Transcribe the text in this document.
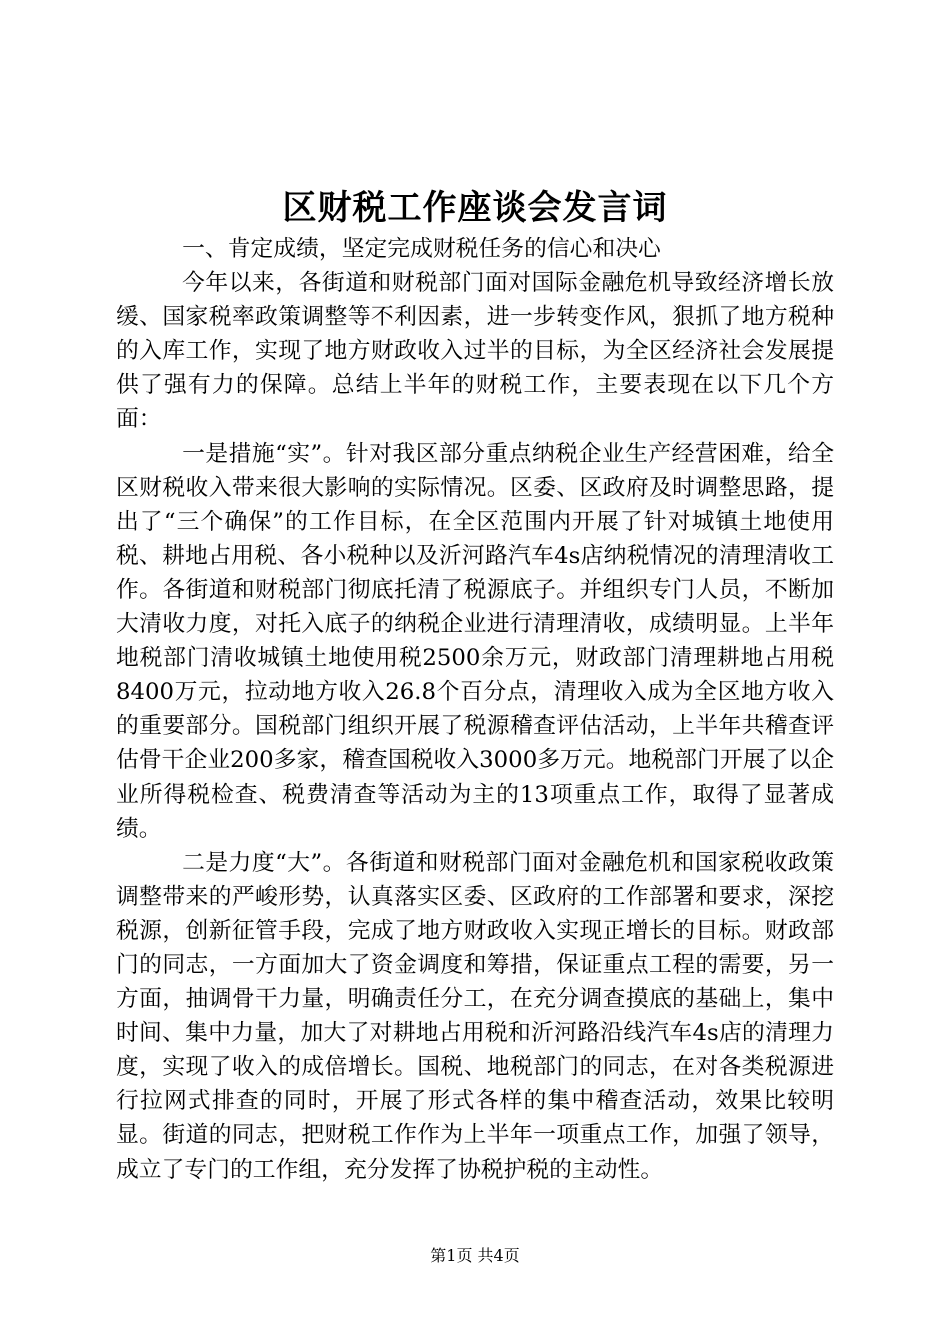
区财税工作座谈会发言词

一、肯定成绩，坚定完成财税任务的信心和决心

今年以来，各街道和财税部门面对国际金融危机导致经济增长放缓、国家税率政策调整等不利因素，进一步转变作风，狠抓了地方税种的入库工作，实现了地方财政收入过半的目标，为全区经济社会发展提供了强有力的保障。总结上半年的财税工作，主要表现在以下几个方面：

一是措施“实”。针对我区部分重点纳税企业生产经营困难，给全区财税收入带来很大影响的实际情况。区委、区政府及时调整思路，提出了“三个确保”的工作目标，在全区范围内开展了针对城镇土地使用税、耕地占用税、各小税种以及沂河路汽车4s店纳税情况的清理清收工作。各街道和财税部门彻底托清了税源底子。并组织专门人员，不断加大清收力度，对托入底子的纳税企业进行清理清收，成绩明显。上半年地税部门清收城镇土地使用税2500余万元，财政部门清理耕地占用税8400万元，拉动地方收入26.8个百分点，清理收入成为全区地方收入的重要部分。国税部门组织开展了税源稽查评估活动，上半年共稽查评估骨干企业200多家，稽查国税收入3000多万元。地税部门开展了以企业所得税检查、税费清查等活动为主的13项重点工作，取得了显著成绩。

二是力度“大”。各街道和财税部门面对金融危机和国家税收政策调整带来的严峻形势，认真落实区委、区政府的工作部署和要求，深挖税源，创新征管手段，完成了地方财政收入实现正增长的目标。财政部门的同志，一方面加大了资金调度和筹措，保证重点工程的需要，另一方面，抽调骨干力量，明确责任分工，在充分调查摸底的基础上，集中时间、集中力量，加大了对耕地占用税和沂河路沿线汽车4s店的清理力度，实现了收入的成倍增长。国税、地税部门的同志，在对各类税源进行拉网式排查的同时，开展了形式各样的集中稽查活动，效果比较明显。街道的同志，把财税工作作为上半年一项重点工作，加强了领导，成立了专门的工作组，充分发挥了协税护税的主动性。

第1页 共4页
